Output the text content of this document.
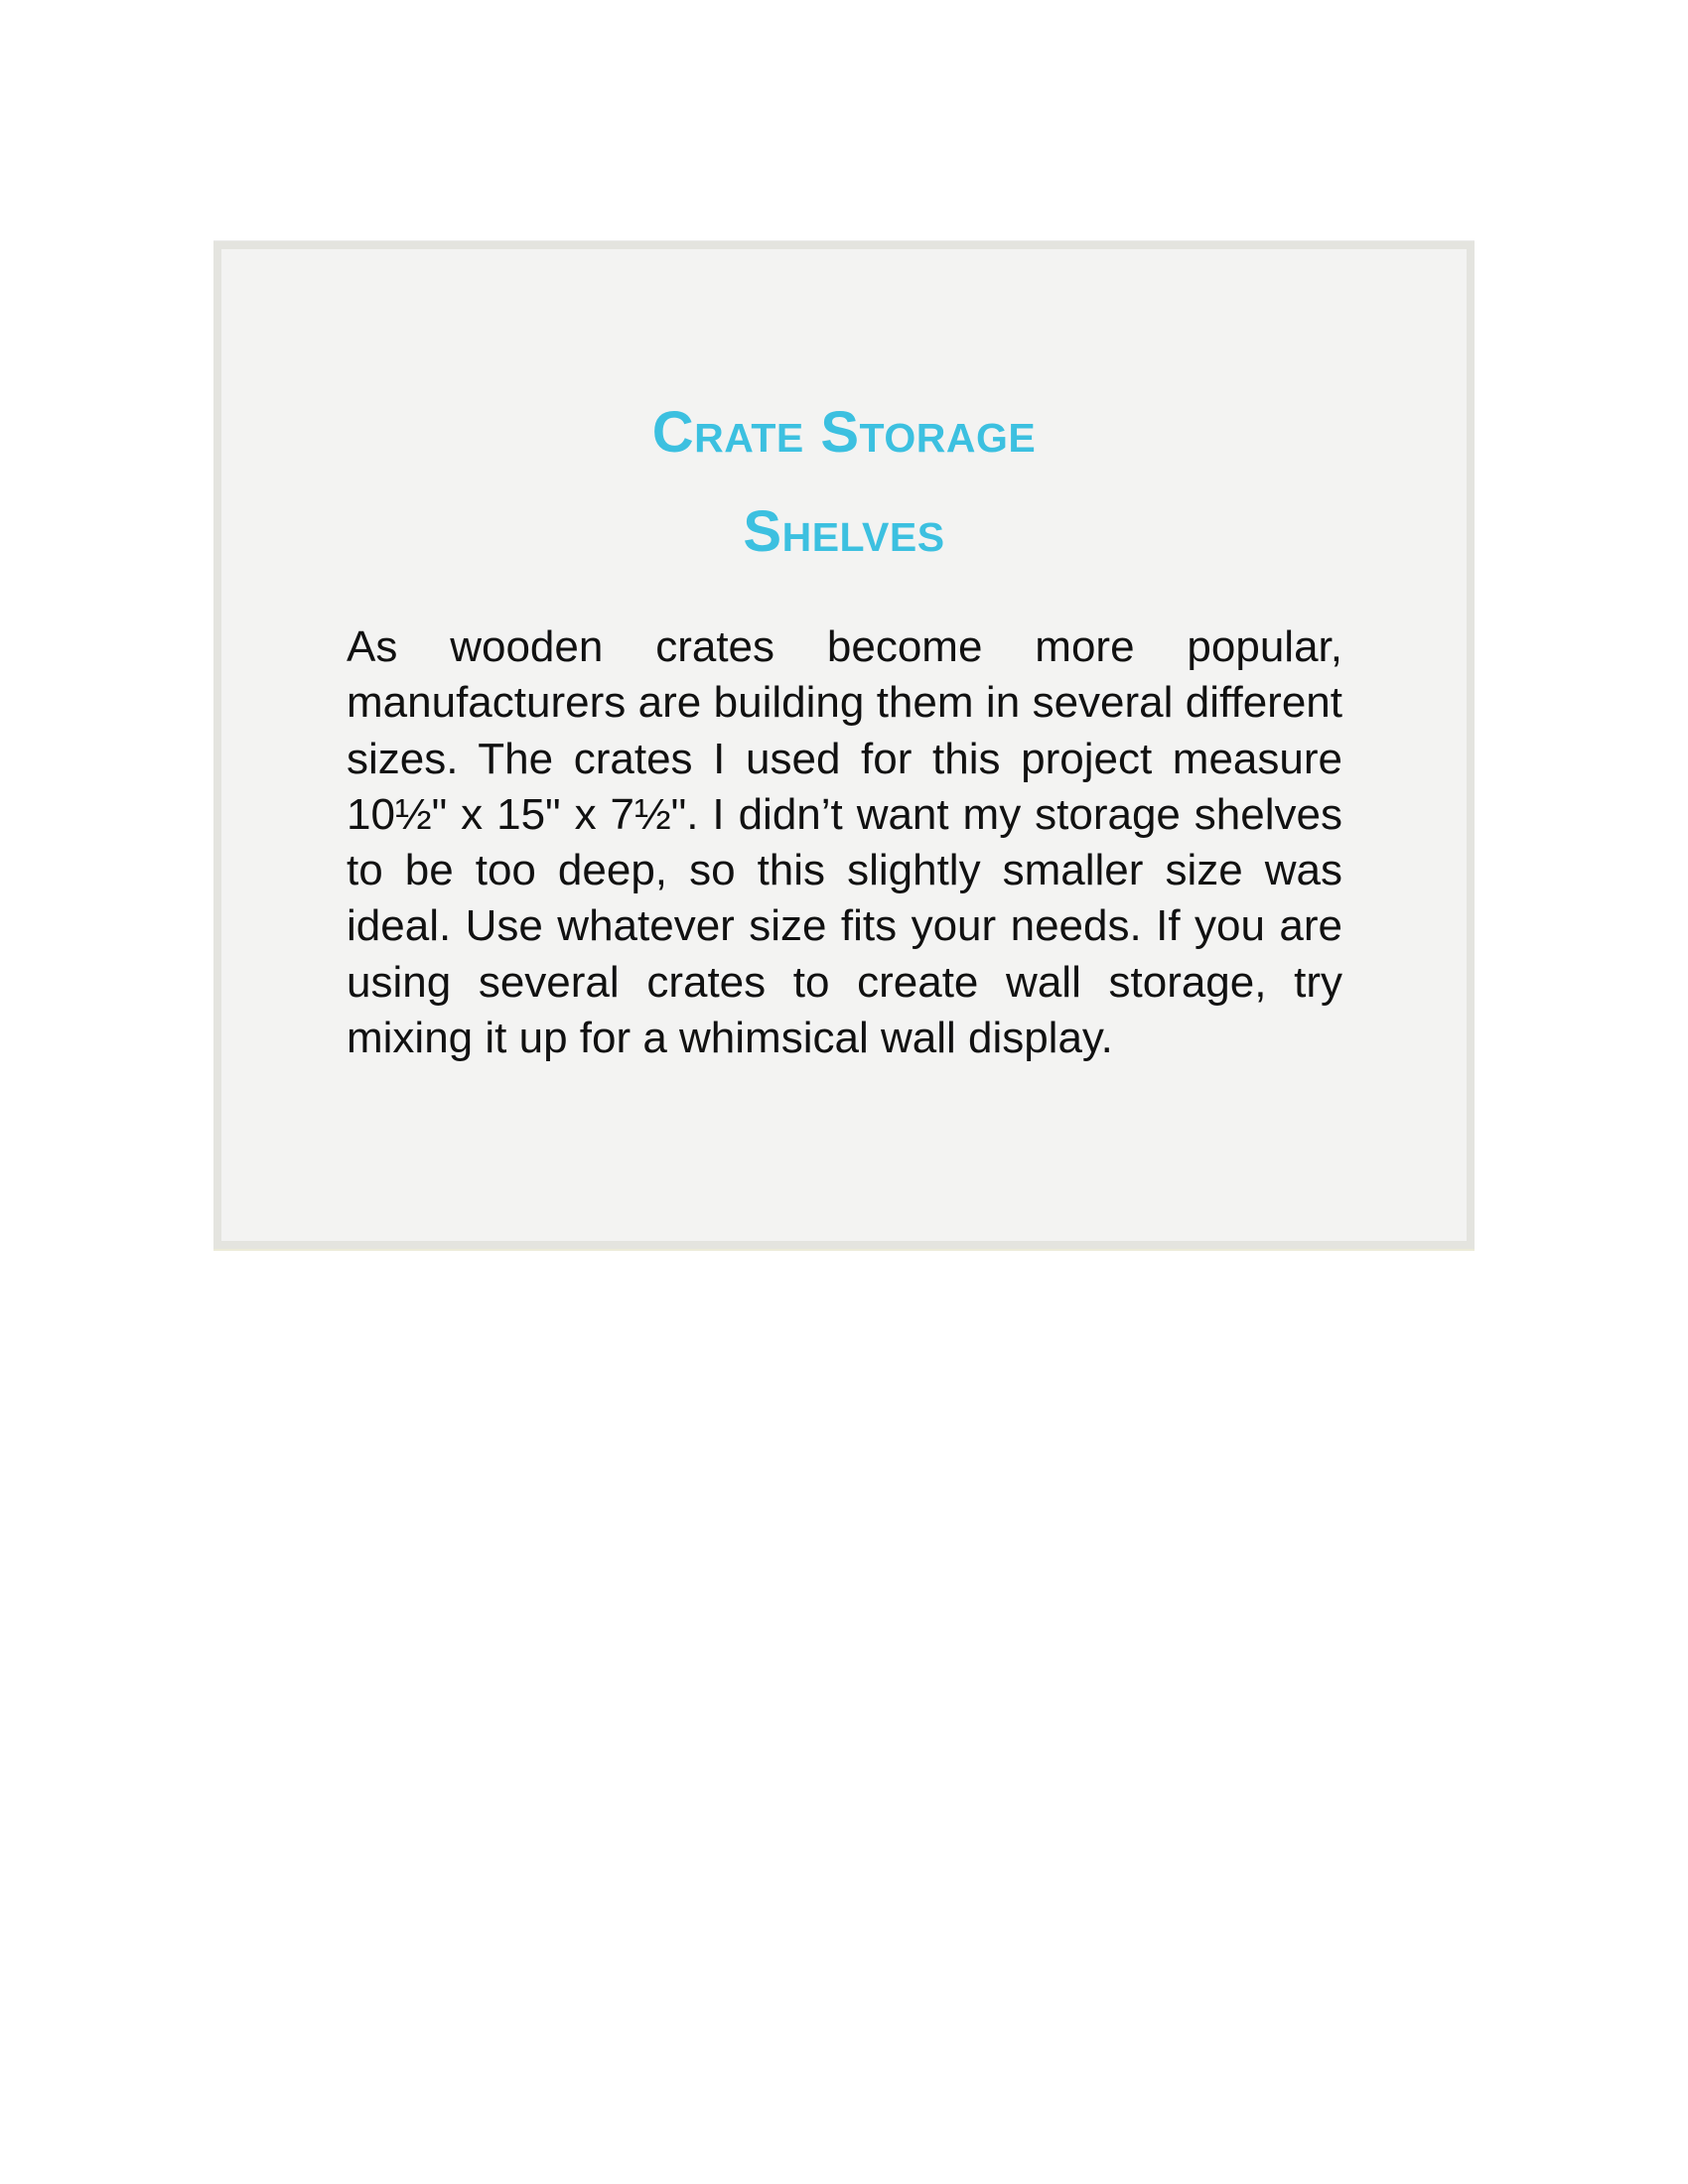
Crate Storage
Shelves

As wooden crates become more popular, manufacturers are building them in several different sizes. The crates I used for this project measure 10½" x 15" x 7½". I didn’t want my storage shelves to be too deep, so this slightly smaller size was ideal. Use whatever size fits your needs. If you are using several crates to create wall storage, try mixing it up for a whimsical wall display.
